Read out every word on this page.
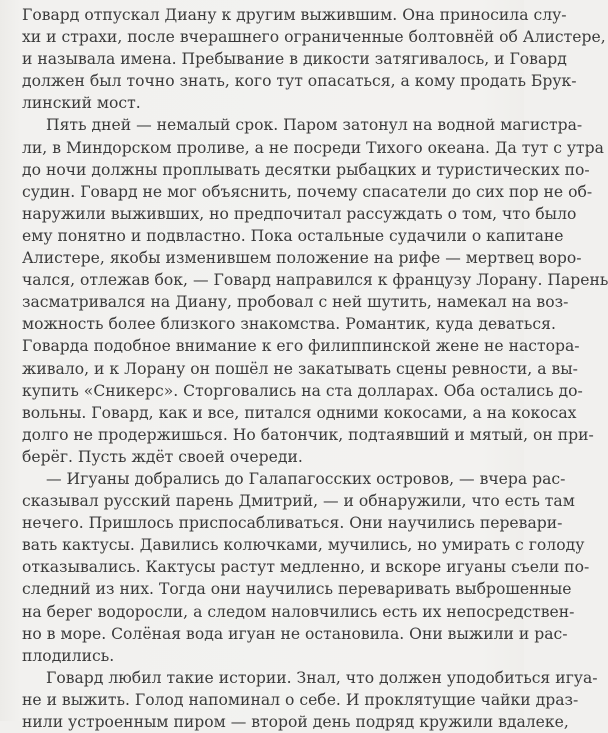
Говард отпускал Диану к другим выжившим. Она приносила слу-
хи и страхи, после вчерашнего ограниченные болтовнёй об Алистере,
и называла имена. Пребывание в дикости затягивалось, и Говард
должен был точно знать, кого тут опасаться, а кому продать Брук-
линский мост.
Пять дней — немалый срок. Паром затонул на водной магистра-
ли, в Миндорском проливе, а не посреди Тихого океана. Да тут с утра
до ночи должны проплывать десятки рыбацких и туристических по-
судин. Говард не мог объяснить, почему спасатели до сих пор не об-
наружили выживших, но предпочитал рассуждать о том, что было
ему понятно и подвластно. Пока остальные судачили о капитане
Алистере, якобы изменившем положение на рифе — мертвец воро-
чался, отлежав бок, — Говард направился к французу Лорану. Парень
засматривался на Диану, пробовал с ней шутить, намекал на воз-
можность более близкого знакомства. Романтик, куда деваться.
Говарда подобное внимание к его филиппинской жене не настора-
живало, и к Лорану он пошёл не закатывать сцены ревности, а вы-
купить «Сникерс». Сторговались на ста долларах. Оба остались до-
вольны. Говард, как и все, питался одними кокосами, а на кокосах
долго не продержишься. Но батончик, подтаявший и мятый, он при-
берёг. Пусть ждёт своей очереди.
— Игуаны добрались до Галапагосских островов, — вчера рас-
сказывал русский парень Дмитрий, — и обнаружили, что есть там
нечего. Пришлось приспосабливаться. Они научились перевари-
вать кактусы. Давились колючками, мучились, но умирать с голоду
отказывались. Кактусы растут медленно, и вскоре игуаны съели по-
следний из них. Тогда они научились переваривать выброшенные
на берег водоросли, а следом наловчились есть их непосредствен-
но в море. Солёная вода игуан не остановила. Они выжили и рас-
плодились.
Говард любил такие истории. Знал, что должен уподобиться игуа-
не и выжить. Голод напоминал о себе. И проклятущие чайки драз-
нили устроенным пиром — второй день подряд кружили вдалеке,
